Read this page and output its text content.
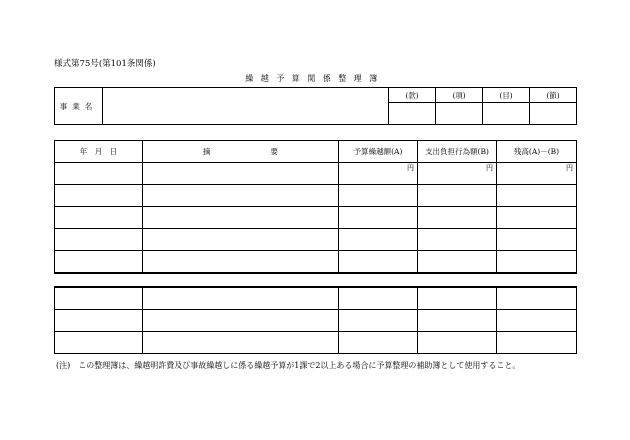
様式第75号(第101条関係)
繰越予算関係整理簿
事業名		(款)	(項)	(目)	(節)

年　月　日	摘　　　　　　　　要	予算繰越額(A)	支出負担行為額(B)	残高(A)－(B)
		円	円	円

(注)　この整理簿は、繰越明許費及び事故繰越しに係る繰越予算が1課で2以上ある場合に予算整理の補助簿として使用すること。
